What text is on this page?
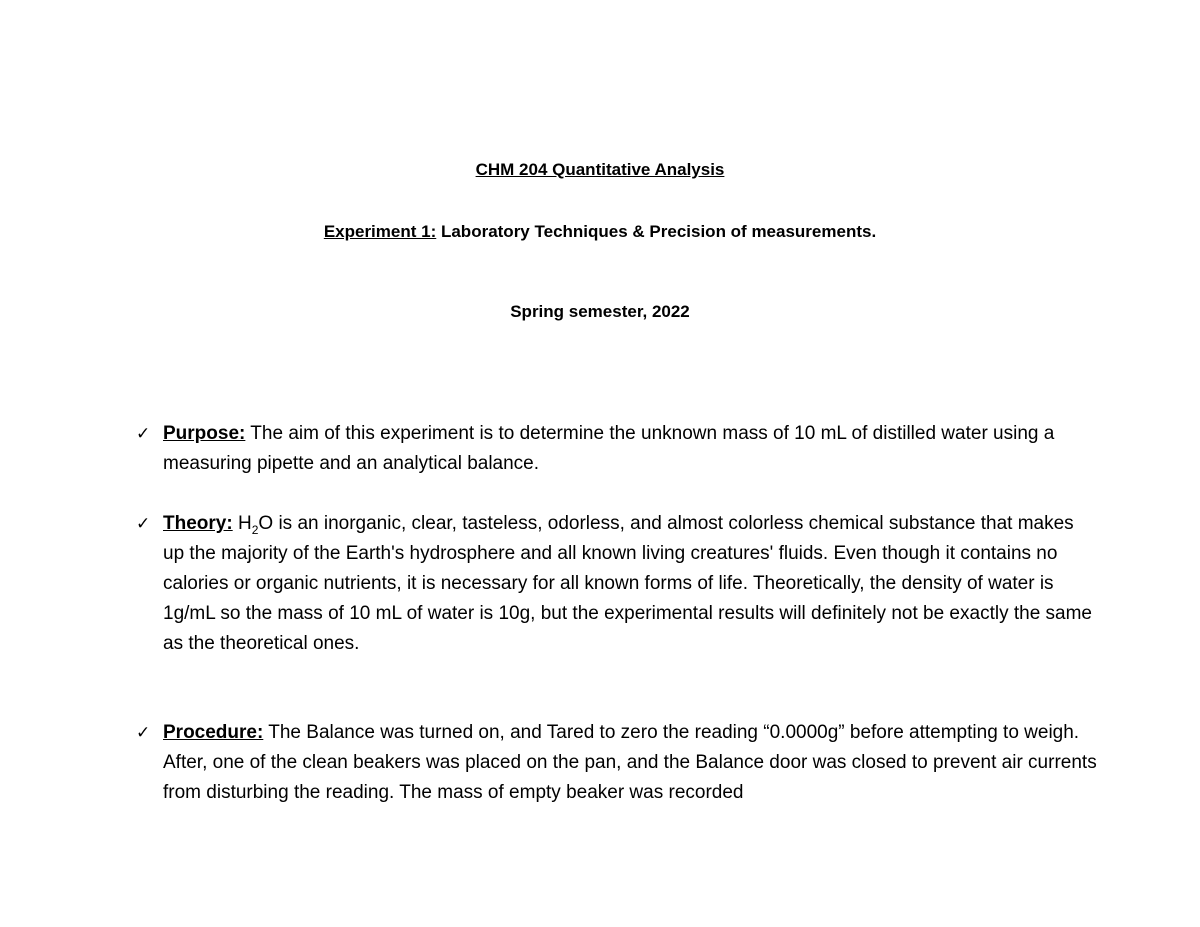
CHM 204 Quantitative Analysis
Experiment 1: Laboratory Techniques & Precision of measurements.
Spring semester, 2022
✓ Purpose: The aim of this experiment is to determine the unknown mass of 10 mL of distilled water using a measuring pipette and an analytical balance.
✓ Theory: $H_2O$ is an inorganic, clear, tasteless, odorless, and almost colorless chemical substance that makes up the majority of the Earth's hydrosphere and all known living creatures' fluids. Even though it contains no calories or organic nutrients, it is necessary for all known forms of life. Theoretically, the density of water is 1g/mL so the mass of 10 mL of water is 10g, but the experimental results will definitely not be exactly the same as the theoretical ones.
✓ Procedure: The Balance was turned on, and Tared to zero the reading “0.0000g” before attempting to weigh. After, one of the clean beakers was placed on the pan, and the Balance door was closed to prevent air currents from disturbing the reading. The mass of empty beaker was recorded
